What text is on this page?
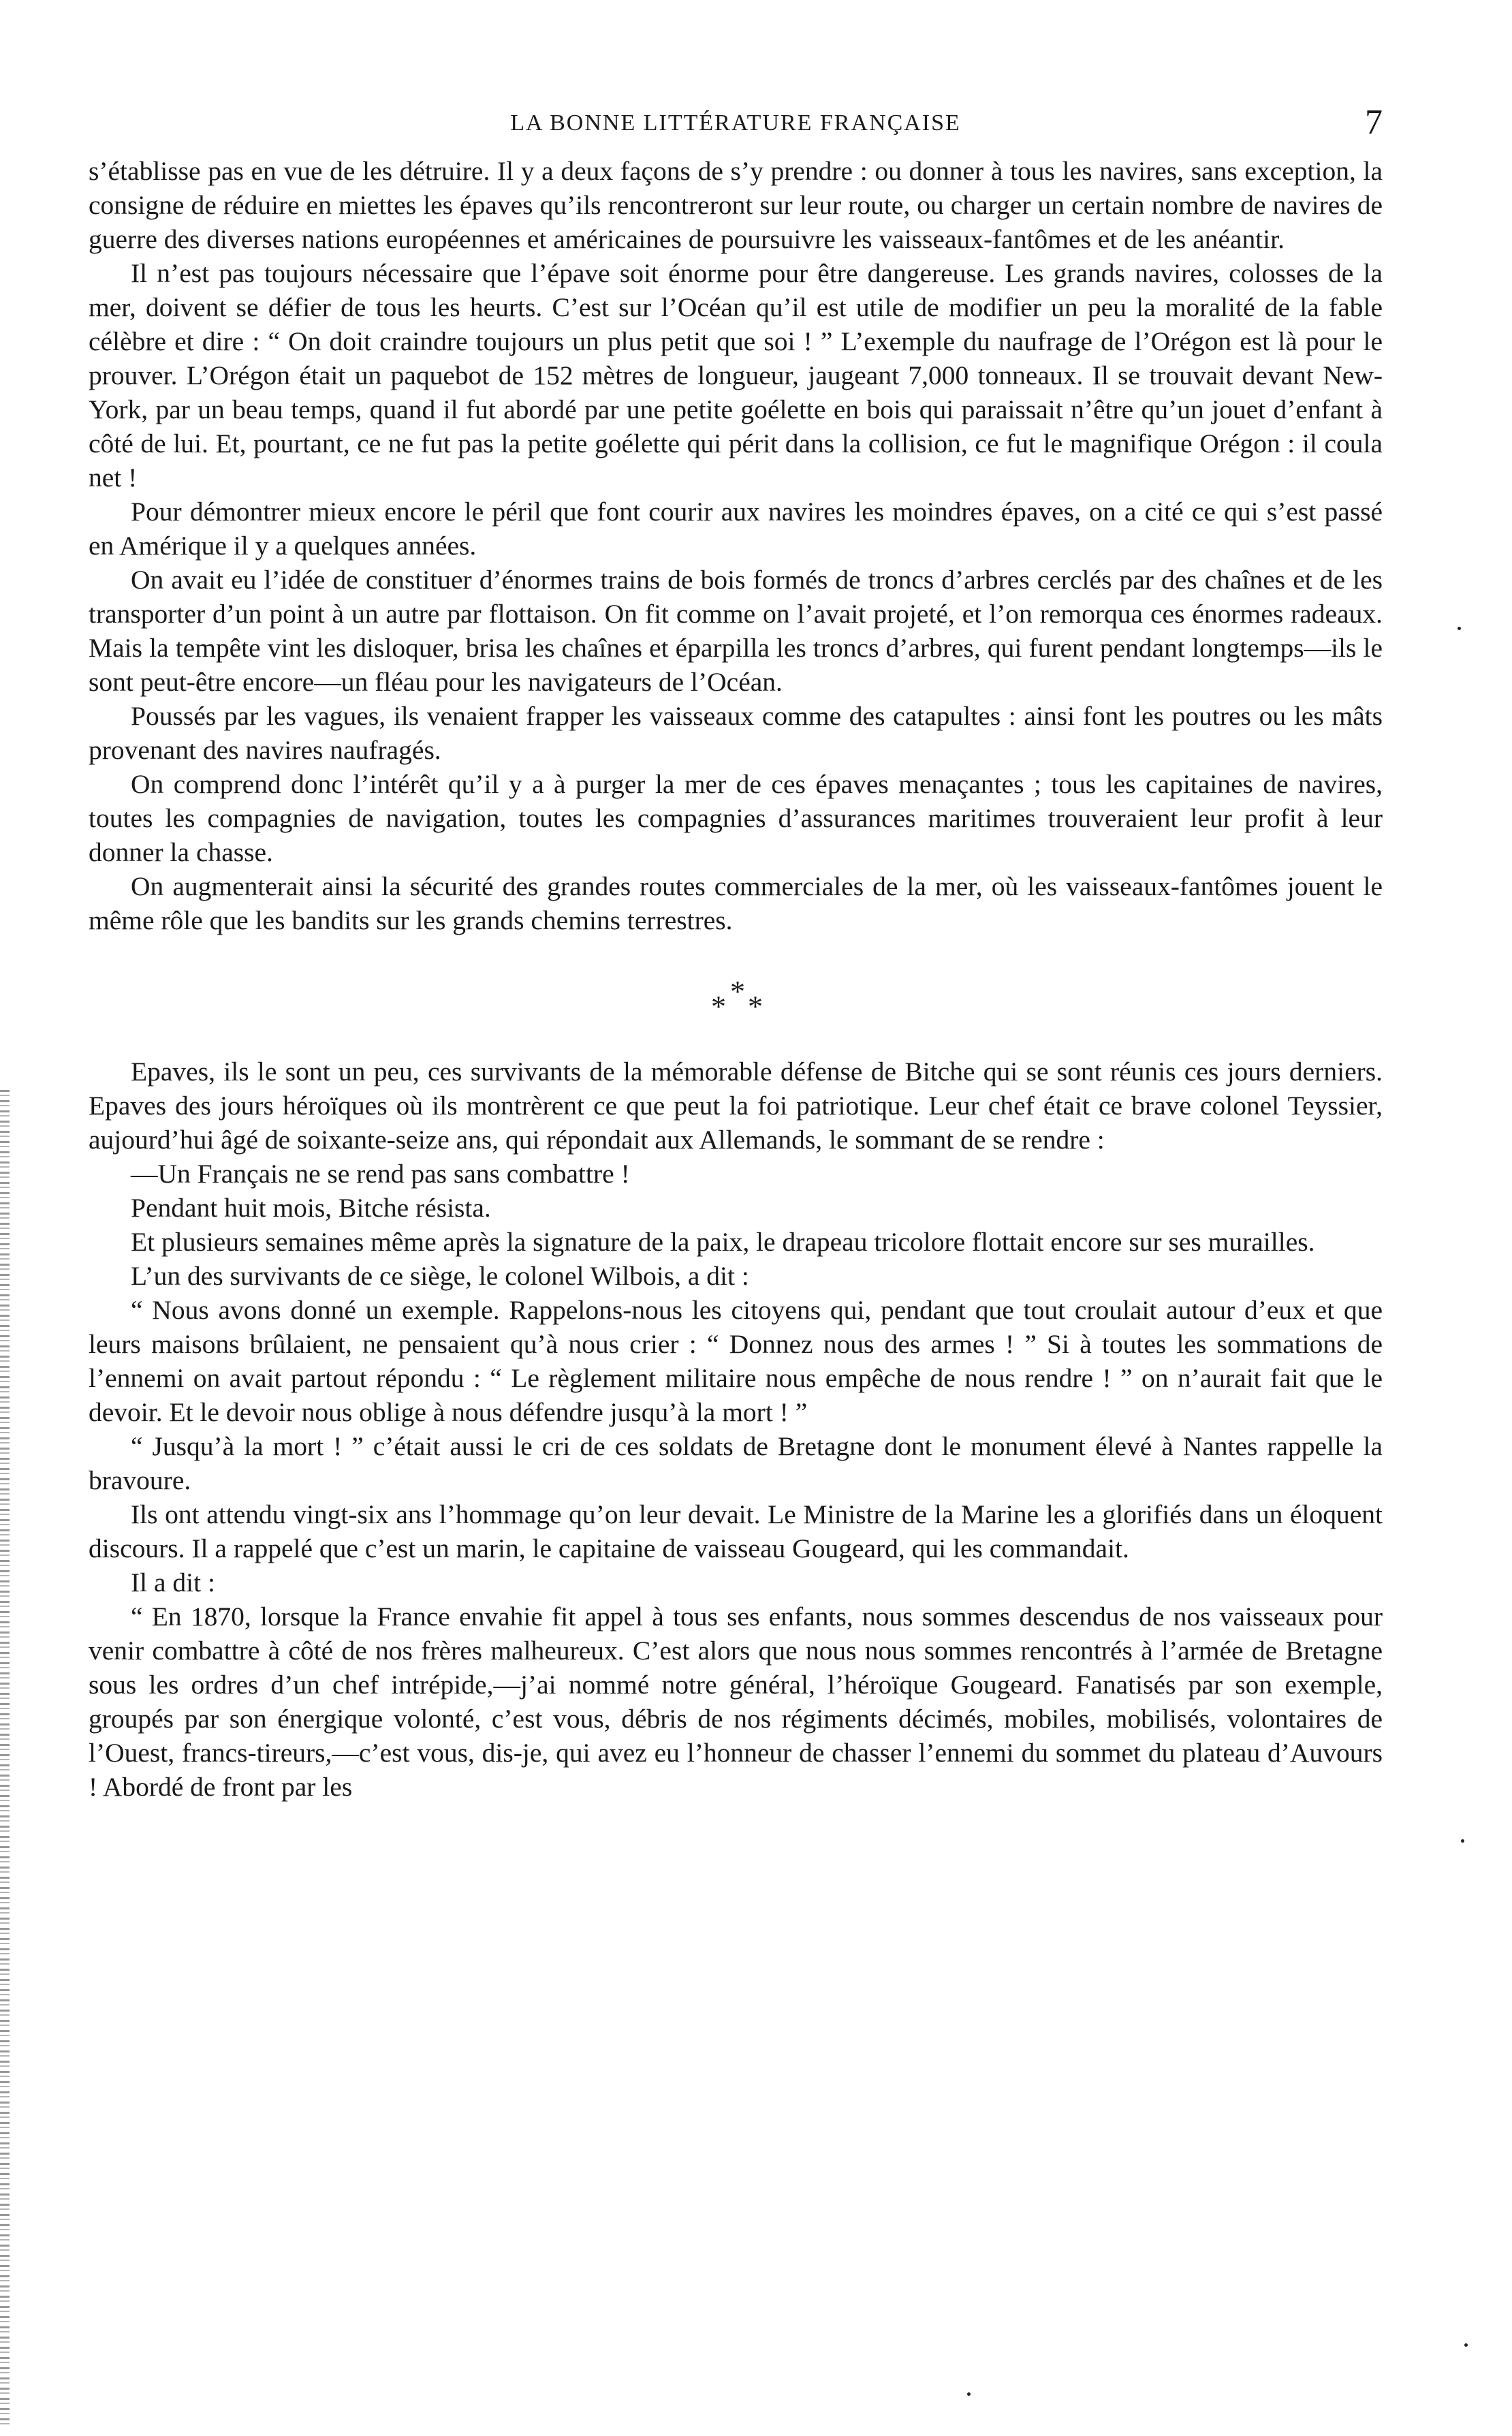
LA BONNE LITTÉRATURE FRANÇAISE	7

s’établisse pas en vue de les détruire. Il y a deux façons de s’y prendre : ou donner à tous les navires, sans exception, la consigne de réduire en miettes les épaves qu’ils rencontreront sur leur route, ou charger un certain nombre de navires de guerre des diverses nations européennes et américaines de poursuivre les vaisseaux-fantômes et de les anéantir.

Il n’est pas toujours nécessaire que l’épave soit énorme pour être dangereuse. Les grands navires, colosses de la mer, doivent se défier de tous les heurts. C’est sur l’Océan qu’il est utile de modifier un peu la moralité de la fable célèbre et dire : “ On doit craindre toujours un plus petit que soi ! ” L’exemple du naufrage de l’Orégon est là pour le prouver. L’Orégon était un paquebot de 152 mètres de longueur, jaugeant 7,000 tonneaux. Il se trouvait devant New-York, par un beau temps, quand il fut abordé par une petite goélette en bois qui paraissait n’être qu’un jouet d’enfant à côté de lui. Et, pourtant, ce ne fut pas la petite goélette qui périt dans la collision, ce fut le magnifique Orégon : il coula net !

Pour démontrer mieux encore le péril que font courir aux navires les moindres épaves, on a cité ce qui s’est passé en Amérique il y a quelques années.

On avait eu l’idée de constituer d’énormes trains de bois formés de troncs d’arbres cerclés par des chaînes et de les transporter d’un point à un autre par flottaison. On fit comme on l’avait projeté, et l’on remorqua ces énormes radeaux. Mais la tempête vint les disloquer, brisa les chaînes et éparpilla les troncs d’arbres, qui furent pendant longtemps—ils le sont peut-être encore—un fléau pour les navigateurs de l’Océan.

Poussés par les vagues, ils venaient frapper les vaisseaux comme des catapultes : ainsi font les poutres ou les mâts provenant des navires naufragés.

On comprend donc l’intérêt qu’il y a à purger la mer de ces épaves menaçantes ; tous les capitaines de navires, toutes les compagnies de navigation, toutes les compagnies d’assurances maritimes trouveraient leur profit à leur donner la chasse.

On augmenterait ainsi la sécurité des grandes routes commerciales de la mer, où les vaisseaux-fantômes jouent le même rôle que les bandits sur les grands chemins terrestres.

*
* *

Epaves, ils le sont un peu, ces survivants de la mémorable défense de Bitche qui se sont réunis ces jours derniers. Epaves des jours héroïques où ils montrèrent ce que peut la foi patriotique. Leur chef était ce brave colonel Teyssier, aujourd’hui âgé de soixante-seize ans, qui répondait aux Allemands, le sommant de se rendre :

—Un Français ne se rend pas sans combattre !

Pendant huit mois, Bitche résista.

Et plusieurs semaines même après la signature de la paix, le drapeau tricolore flottait encore sur ses murailles.

L’un des survivants de ce siège, le colonel Wilbois, a dit :

“ Nous avons donné un exemple. Rappelons-nous les citoyens qui, pendant que tout croulait autour d’eux et que leurs maisons brûlaient, ne pensaient qu’à nous crier : “ Donnez nous des armes ! ” Si à toutes les sommations de l’ennemi on avait partout répondu : “ Le règlement militaire nous empêche de nous rendre ! ” on n’aurait fait que le devoir. Et le devoir nous oblige à nous défendre jusqu’à la mort ! ”

“ Jusqu’à la mort ! ” c’était aussi le cri de ces soldats de Bretagne dont le monument élevé à Nantes rappelle la bravoure.

Ils ont attendu vingt-six ans l’hommage qu’on leur devait. Le Ministre de la Marine les a glorifiés dans un éloquent discours. Il a rappelé que c’est un marin, le capitaine de vaisseau Gougeard, qui les commandait.

Il a dit :

“ En 1870, lorsque la France envahie fit appel à tous ses enfants, nous sommes descendus de nos vaisseaux pour venir combattre à côté de nos frères malheureux. C’est alors que nous nous sommes rencontrés à l’armée de Bretagne sous les ordres d’un chef intrépide,—j’ai nommé notre général, l’héroïque Gougeard. Fanatisés par son exemple, groupés par son énergique volonté, c’est vous, débris de nos régiments décimés, mobiles, mobilisés, volontaires de l’Ouest, francs-tireurs,—c’est vous, dis-je, qui avez eu l’honneur de chasser l’ennemi du sommet du plateau d’Auvours ! Abordé de front par les
